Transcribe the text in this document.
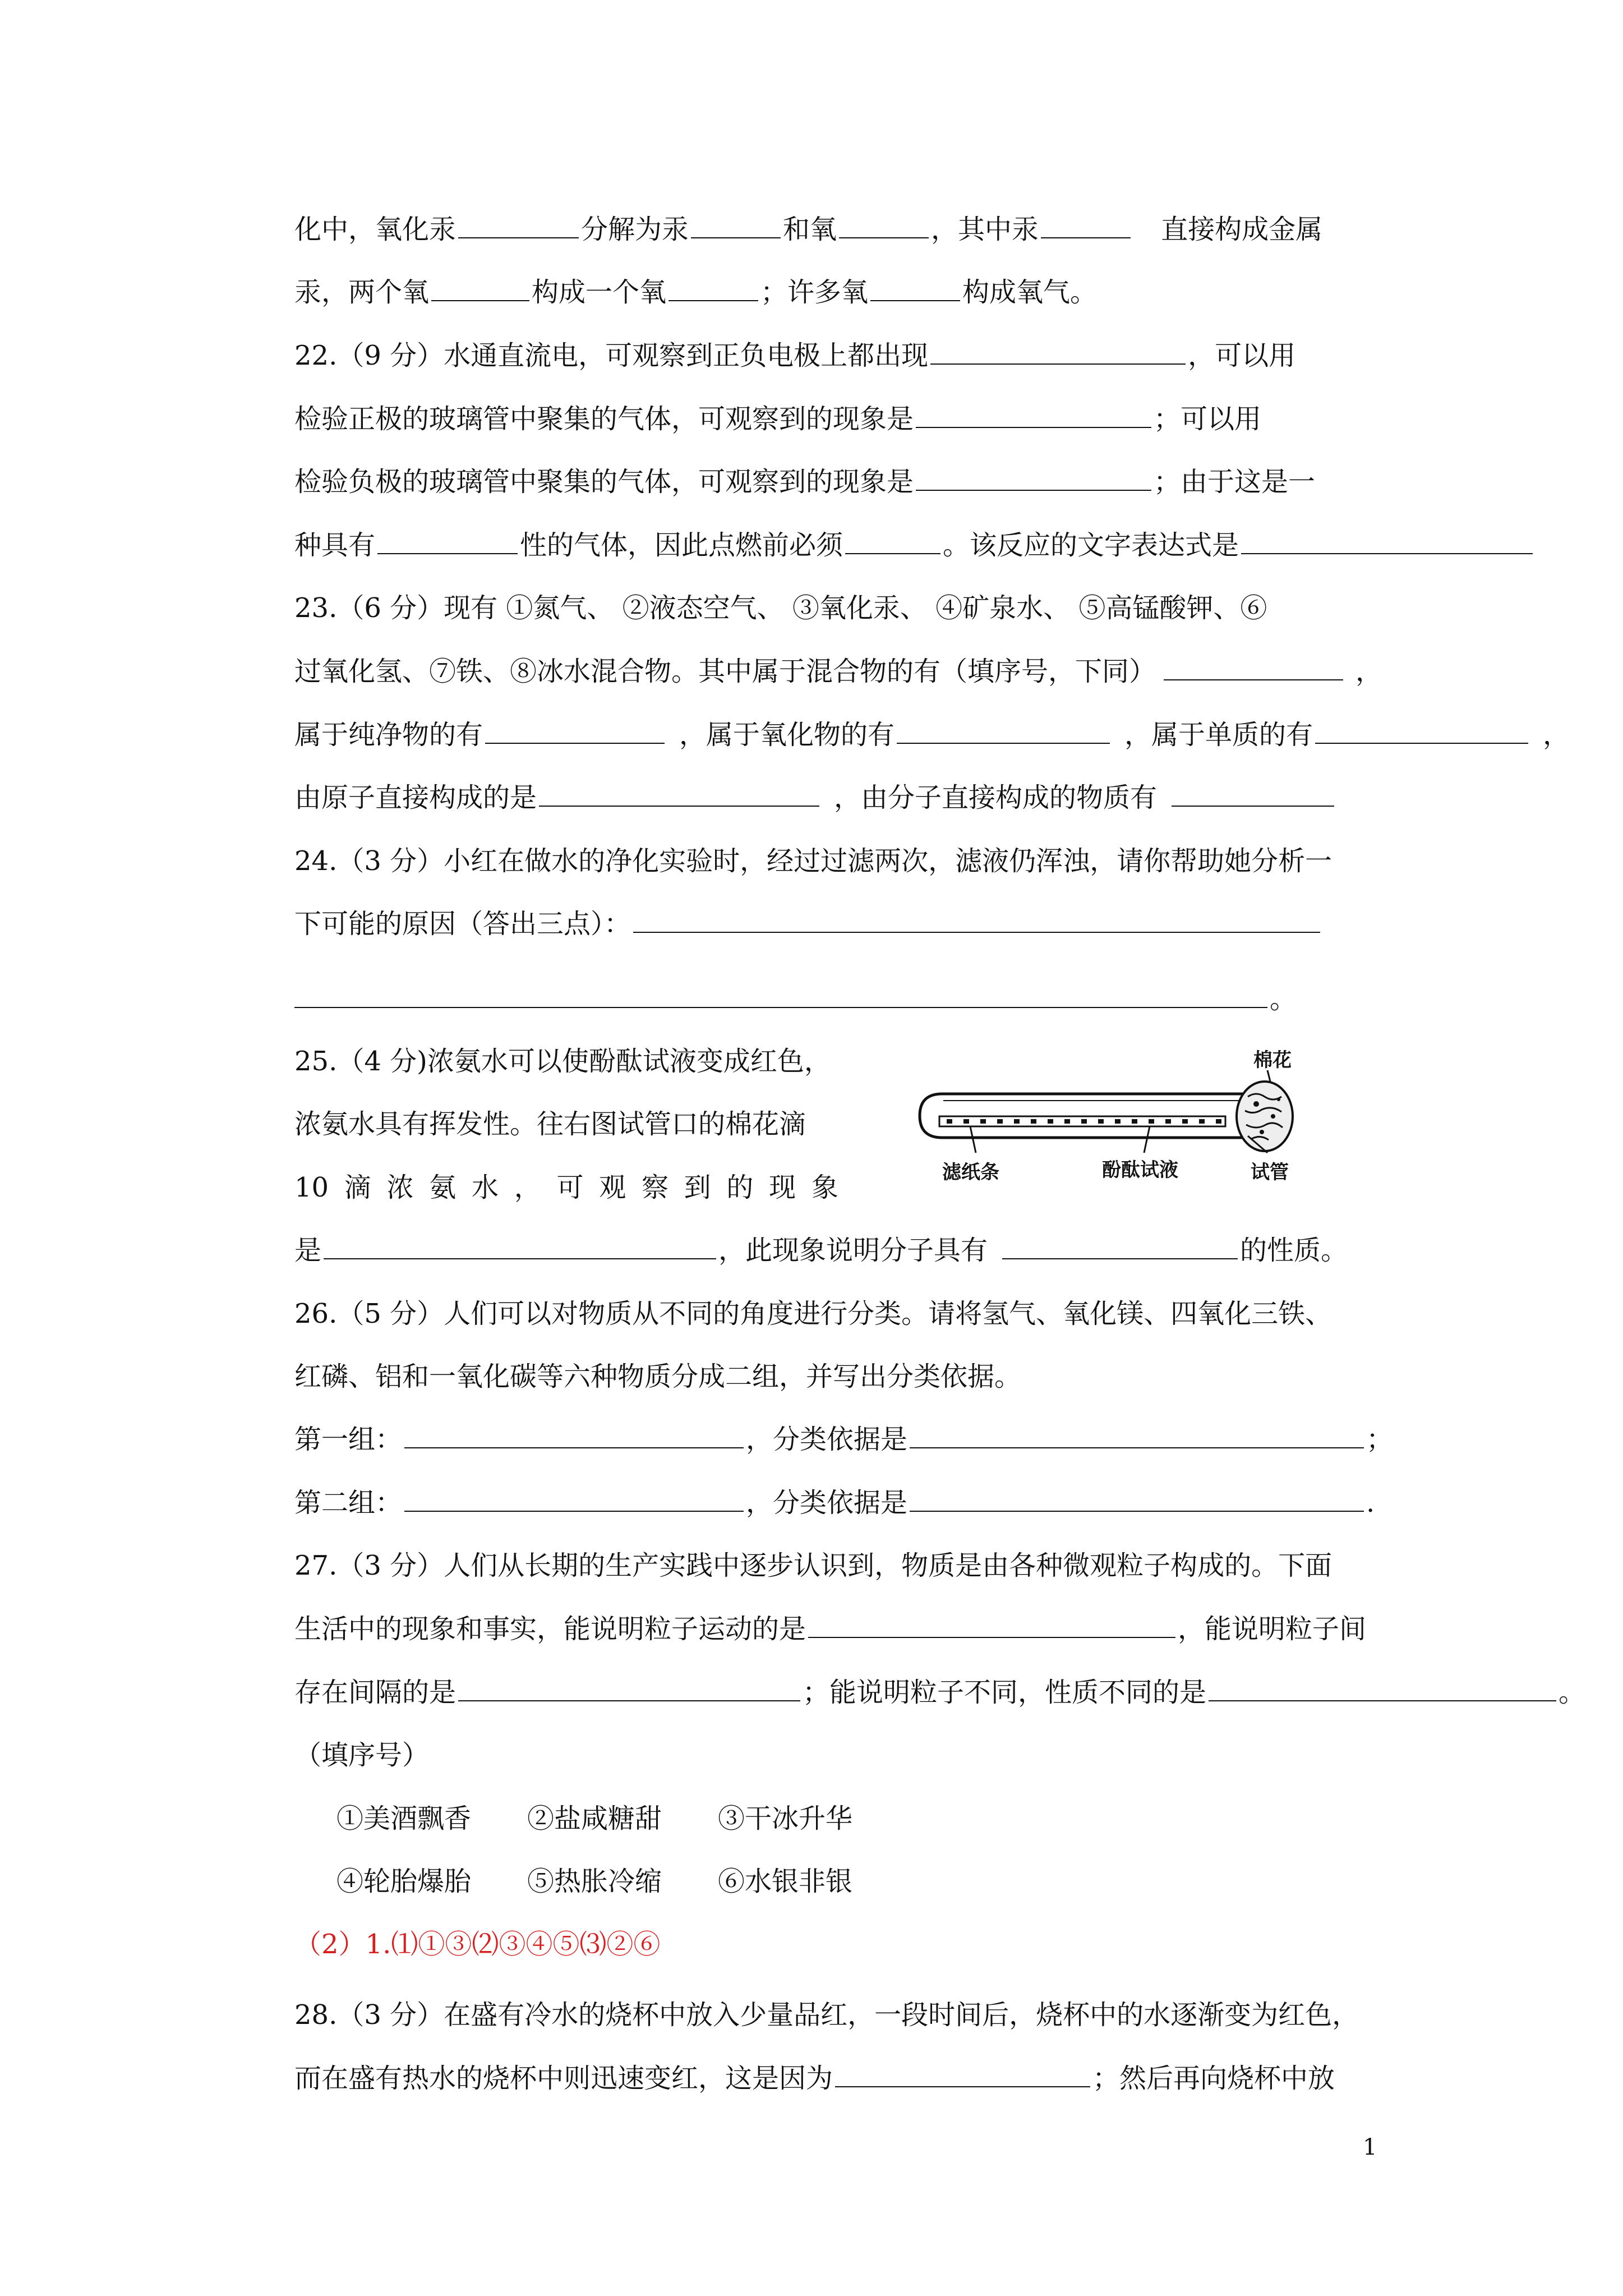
化中，氧化汞	分解为汞	和氧	，其中汞	直接构成金属
汞，两个氧	构成一个氧	；许多氧	构成氧气。
22.（9 分）水通直流电，可观察到正负电极上都出现	，可以用
检验正极的玻璃管中聚集的气体，可观察到的现象是	；可以用
检验负极的玻璃管中聚集的气体，可观察到的现象是	；由于这是一
种具有	性的气体，因此点燃前必须	。该反应的文字表达式是
23.（6 分）现有 ①氮气、 ②液态空气、 ③氧化汞、 ④矿泉水、 ⑤高锰酸钾、⑥
过氧化氢、⑦铁、⑧冰水混合物。其中属于混合物的有（填序号，下同）	，
属于纯净物的有	，属于氧化物的有	，属于单质的有	，
由原子直接构成的是	，由分子直接构成的物质有
24.（3 分）小红在做水的净化实验时，经过过滤两次，滤液仍浑浊，请你帮助她分析一
下可能的原因（答出三点）：
。
25.（4 分)浓氨水可以使酚酞试液变成红色，
浓氨水具有挥发性。往右图试管口的棉花滴
10 滴 浓 氨 水 ， 可 观 察 到 的 现 象
是	，此现象说明分子具有	的性质。
棉花
滤纸条	酚酞试液	试管
26.（5 分）人们可以对物质从不同的角度进行分类。请将氢气、氧化镁、四氧化三铁、
红磷、铝和一氧化碳等六种物质分成二组，并写出分类依据。
第一组：	，分类依据是	；
第二组：	，分类依据是	.
27.（3 分）人们从长期的生产实践中逐步认识到，物质是由各种微观粒子构成的。下面
生活中的现象和事实，能说明粒子运动的是	，能说明粒子间
存在间隔的是	；能说明粒子不同，性质不同的是	。
（填序号）
①美酒飘香 ②盐咸糖甜 ③干冰升华
④轮胎爆胎 ⑤热胀冷缩 ⑥水银非银
（2）1.⑴①③⑵③④⑤⑶②⑥
28.（3 分）在盛有冷水的烧杯中放入少量品红，一段时间后，烧杯中的水逐渐变为红色，
而在盛有热水的烧杯中则迅速变红，这是因为	；然后再向烧杯中放
1
